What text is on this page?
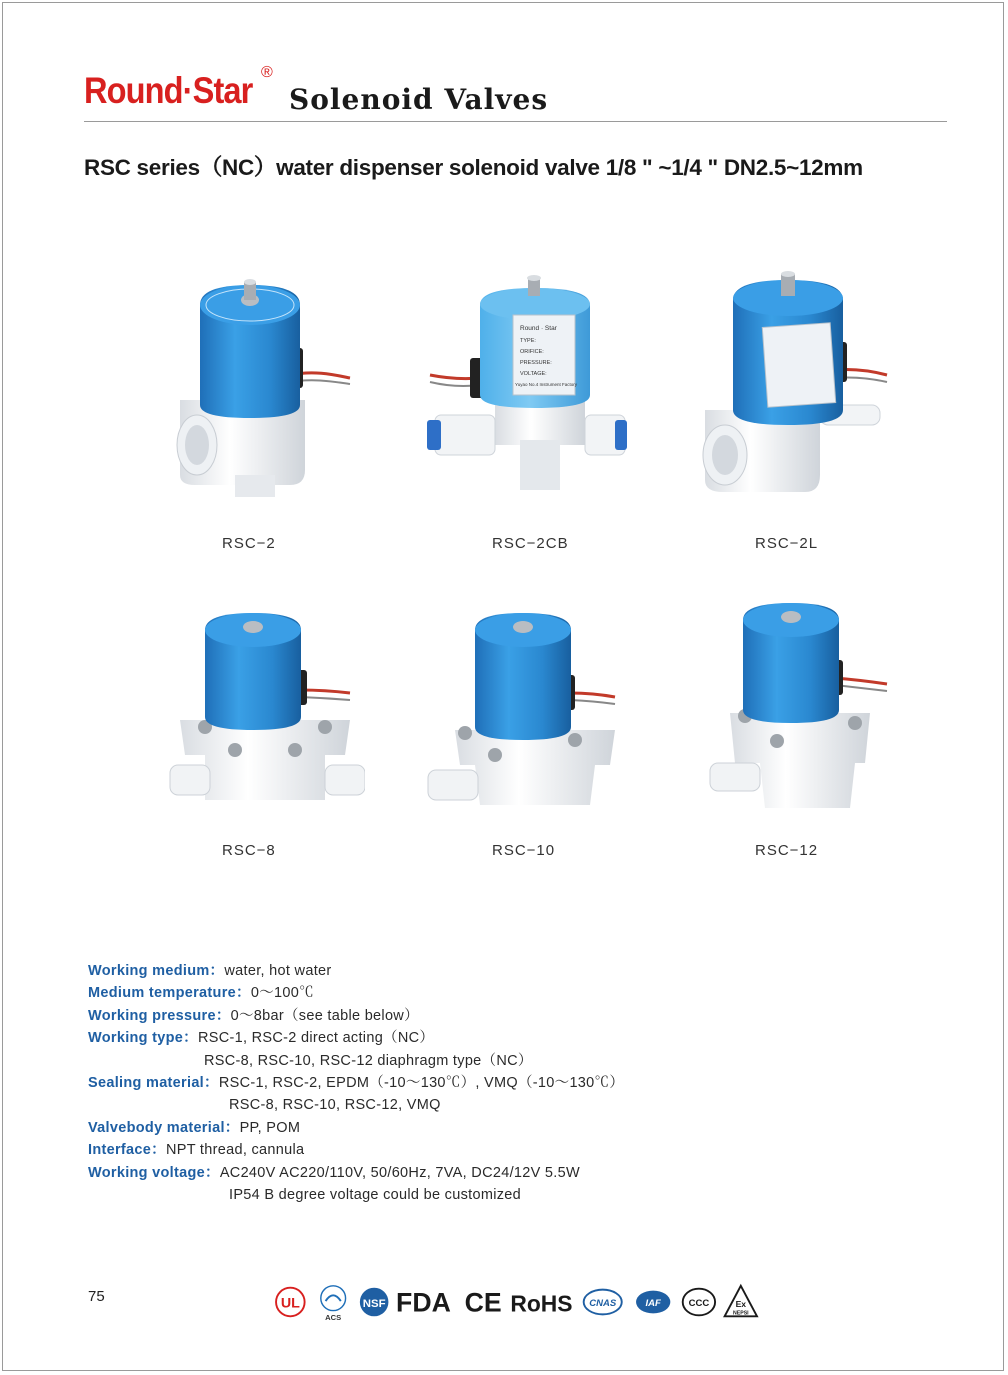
Round·Star ®
Solenoid Valves
RSC series（NC）water dispenser solenoid valve 1/8 " ~1/4 " DN2.5~12mm
RSC−2
Round · Star
TYPE:
ORIFICE:
PRESSURE:
VOLTAGE:
Yuyao No.4 Instrument Factory
RSC−2CB	RSC−2L
RSC−8	RSC−10	RSC−12
Working medium：water, hot water
Medium temperature：0～100℃
Working pressure：0～8bar（see table below）
Working type：RSC-1, RSC-2 direct acting（NC）
RSC-8, RSC-10, RSC-12 diaphragm type（NC）
Sealing material：RSC-1, RSC-2, EPDM（-10～130℃）, VMQ（-10～130℃）
RSC-8, RSC-10, RSC-12, VMQ
Valvebody material：PP, POM
Interface：NPT thread, cannula
Working voltage：AC240V AC220/110V, 50/60Hz, 7VA, DC24/12V 5.5W
IP54 B degree voltage could be customized
75	UL
ACS
NSF FDA CE RoHS CNAS	IAF	CCC	Ex
NEPSI
